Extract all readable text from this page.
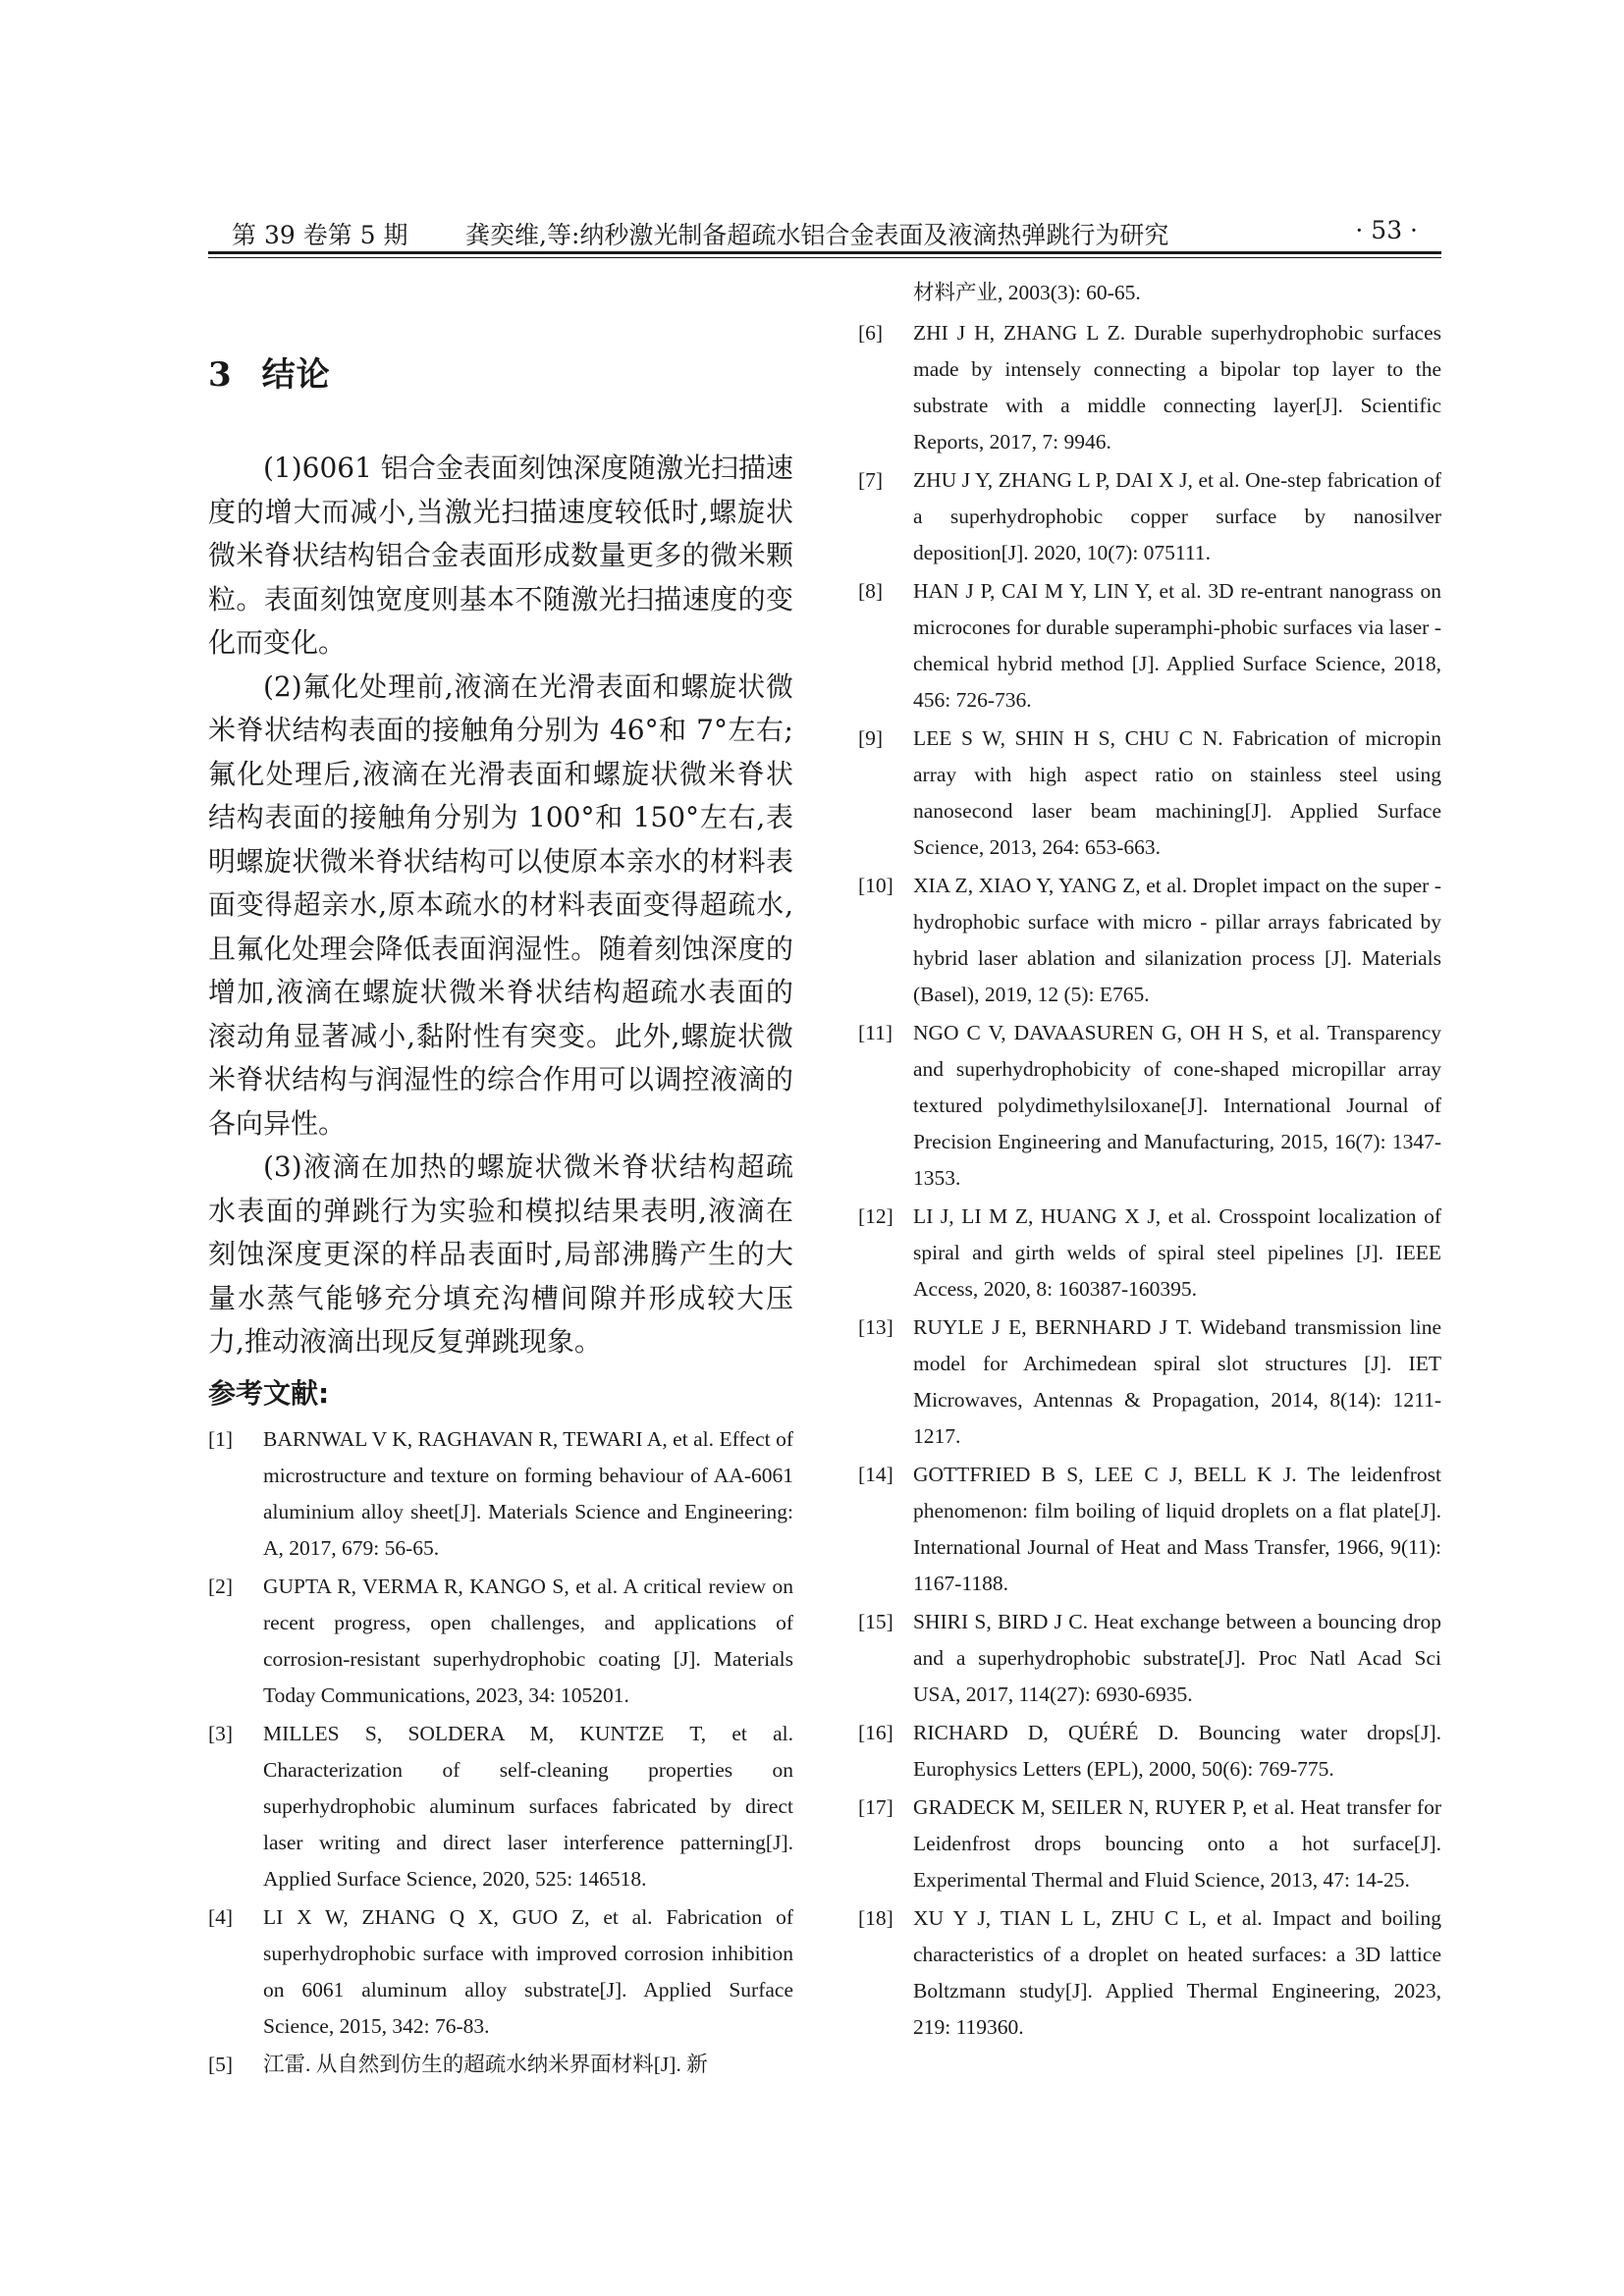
第 39 卷第 5 期 龚奕维,等:纳秒激光制备超疏水铝合金表面及液滴热弹跳行为研究	· 53 ·
3 结论

(1)6061 铝合金表面刻蚀深度随激光扫描速度的增大而减小,当激光扫描速度较低时,螺旋状微米脊状结构铝合金表面形成数量更多的微米颗粒。表面刻蚀宽度则基本不随激光扫描速度的变化而变化。

(2)氟化处理前,液滴在光滑表面和螺旋状微米脊状结构表面的接触角分别为 46°和 7°左右;氟化处理后,液滴在光滑表面和螺旋状微米脊状结构表面的接触角分别为 100°和 150°左右,表明螺旋状微米脊状结构可以使原本亲水的材料表面变得超亲水,原本疏水的材料表面变得超疏水,且氟化处理会降低表面润湿性。随着刻蚀深度的增加,液滴在螺旋状微米脊状结构超疏水表面的滚动角显著减小,黏附性有突变。此外,螺旋状微米脊状结构与润湿性的综合作用可以调控液滴的各向异性。

(3)液滴在加热的螺旋状微米脊状结构超疏水表面的弹跳行为实验和模拟结果表明,液滴在刻蚀深度更深的样品表面时,局部沸腾产生的大量水蒸气能够充分填充沟槽间隙并形成较大压力,推动液滴出现反复弹跳现象。

参考文献:
[1] BARNWAL V K, RAGHAVAN R, TEWARI A, et al. Effect of microstructure and texture on forming behaviour of AA-6061 aluminium alloy sheet[J]. Materials Science and Engineering: A, 2017, 679: 56-65.
[2] GUPTA R, VERMA R, KANGO S, et al. A critical review on recent progress, open challenges, and applications of corrosion-resistant superhydrophobic coating [J]. Materials Today Communications, 2023, 34: 105201.
[3] MILLES S, SOLDERA M, KUNTZE T, et al. Characterization of self-cleaning properties on superhydrophobic aluminum surfaces fabricated by direct laser writing and direct laser interference patterning[J]. Applied Surface Science, 2020, 525: 146518.
[4] LI X W, ZHANG Q X, GUO Z, et al. Fabrication of superhydrophobic surface with improved corrosion inhibition on 6061 aluminum alloy substrate[J]. Applied Surface Science, 2015, 342: 76-83.
[5] 江雷. 从自然到仿生的超疏水纳米界面材料[J]. 新
材料产业, 2003(3): 60-65.
[6] ZHI J H, ZHANG L Z. Durable superhydrophobic surfaces made by intensely connecting a bipolar top layer to the substrate with a middle connecting layer[J]. Scientific Reports, 2017, 7: 9946.
[7] ZHU J Y, ZHANG L P, DAI X J, et al. One-step fabrication of a superhydrophobic copper surface by nanosilver deposition[J]. 2020, 10(7): 075111.
[8] HAN J P, CAI M Y, LIN Y, et al. 3D re-entrant nanograss on microcones for durable superamphi-phobic surfaces via laser - chemical hybrid method [J]. Applied Surface Science, 2018, 456: 726-736.
[9] LEE S W, SHIN H S, CHU C N. Fabrication of micropin array with high aspect ratio on stainless steel using nanosecond laser beam machining[J]. Applied Surface Science, 2013, 264: 653-663.
[10] XIA Z, XIAO Y, YANG Z, et al. Droplet impact on the super - hydrophobic surface with micro - pillar arrays fabricated by hybrid laser ablation and silanization process [J]. Materials (Basel), 2019, 12 (5): E765.
[11] NGO C V, DAVAASUREN G, OH H S, et al. Transparency and superhydrophobicity of cone-shaped micropillar array textured polydimethylsiloxane[J]. International Journal of Precision Engineering and Manufacturing, 2015, 16(7): 1347-1353.
[12] LI J, LI M Z, HUANG X J, et al. Crosspoint localization of spiral and girth welds of spiral steel pipelines [J]. IEEE Access, 2020, 8: 160387-160395.
[13] RUYLE J E, BERNHARD J T. Wideband transmission line model for Archimedean spiral slot structures [J]. IET Microwaves, Antennas & Propagation, 2014, 8(14): 1211-1217.
[14] GOTTFRIED B S, LEE C J, BELL K J. The leidenfrost phenomenon: film boiling of liquid droplets on a flat plate[J]. International Journal of Heat and Mass Transfer, 1966, 9(11): 1167-1188.
[15] SHIRI S, BIRD J C. Heat exchange between a bouncing drop and a superhydrophobic substrate[J]. Proc Natl Acad Sci USA, 2017, 114(27): 6930-6935.
[16] RICHARD D, QUÉRÉ D. Bouncing water drops[J]. Europhysics Letters (EPL), 2000, 50(6): 769-775.
[17] GRADECK M, SEILER N, RUYER P, et al. Heat transfer for Leidenfrost drops bouncing onto a hot surface[J]. Experimental Thermal and Fluid Science, 2013, 47: 14-25.
[18] XU Y J, TIAN L L, ZHU C L, et al. Impact and boiling characteristics of a droplet on heated surfaces: a 3D lattice Boltzmann study[J]. Applied Thermal Engineering, 2023, 219: 119360.
